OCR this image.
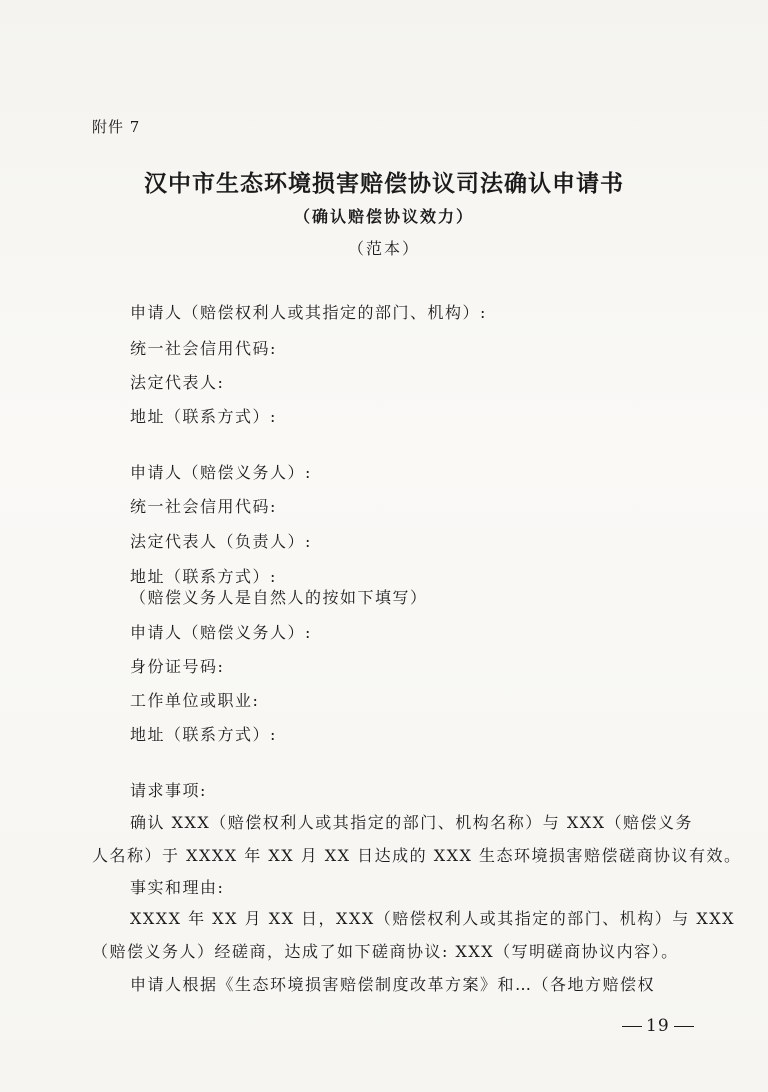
附件 7
汉中市生态环境损害赔偿协议司法确认申请书
（确认赔偿协议效力）
（范本）
申请人（赔偿权利人或其指定的部门、机构）:
统一社会信用代码:
法定代表人:
地址（联系方式）:
申请人（赔偿义务人）:
统一社会信用代码:
法定代表人（负责人）:
地址（联系方式）:
（赔偿义务人是自然人的按如下填写）
申请人（赔偿义务人）:
身份证号码:
工作单位或职业:
地址（联系方式）:
请求事项:
确认 XXX（赔偿权利人或其指定的部门、机构名称）与 XXX（赔偿义务
人名称）于 XXXX 年 XX 月 XX 日达成的 XXX 生态环境损害赔偿磋商协议有效。
事实和理由:
XXXX 年 XX 月 XX 日，XXX（赔偿权利人或其指定的部门、机构）与 XXX
（赔偿义务人）经磋商，达成了如下磋商协议: XXX（写明磋商协议内容）。
申请人根据《生态环境损害赔偿制度改革方案》和…（各地方赔偿权
19
